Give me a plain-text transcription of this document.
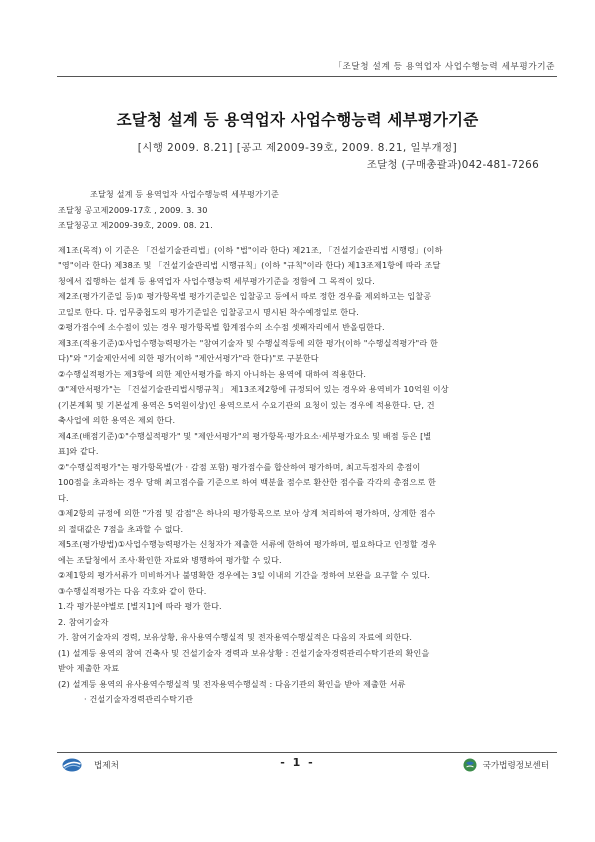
「조달청 설계 등 용역업자 사업수행능력 세부평가기준
조달청 설계 등 용역업자 사업수행능력 세부평가기준
[시행 2009. 8.21] [공고 제2009-39호, 2009. 8.21, 일부개정]
조달청 (구매총괄과)042-481-7266
조달청 설계 등 용역업자 사업수행능력 세부평가기준
조달청 공고제2009-17호 , 2009. 3. 30
조달청공고 제2009-39호, 2009. 08. 21.
제1조(목적) 이 기준은 「건설기술관리법」(이하 "법"이라 한다) 제21조, 「건설기술관리법 시행령」(이하
"영"이라 한다) 제38조 및 「건설기술관리법 시행규칙」(이하 "규칙"이라 한다) 제13조제1항에 따라 조달
청에서 집행하는 설계 등 용역업자 사업수행능력 세부평가기준을 정함에 그 목적이 있다.
제2조(평가기준일 등)① 평가항목별 평가기준일은 입찰공고 등에서 따로 정한 경우를 제외하고는 입찰공
고일로 한다. 다. 업무중첩도의 평가기준일은 입찰공고시 명시된 착수예정일로 한다.
②평가점수에 소수점이 있는 경우 평가항목별 합계점수의 소수점 셋째자리에서 반올림한다.
제3조(적용기준)①사업수행능력평가는 "참여기술자 및 수행실적등에 의한 평가(이하 "수행실적평가"라 한
다)"와 "기술제안서에 의한 평가(이하 "제안서평가"라 한다)"로 구분한다
②수행실적평가는 제3항에 의한 제안서평가를 하지 아니하는 용역에 대하여 적용한다.
③"제안서평가"는 「건설기술관리법시행규칙」 제13조제2항에 규정되어 있는 경우와 용역비가 10억원 이상
(기본계획 및 기본설계 용역은 5억원이상)인 용역으로서 수요기관의 요청이 있는 경우에 적용한다. 단, 건
축사업에 의한 용역은 제외 한다.
제4조(배점기준)①"수행실적평가" 및 "제안서평가"의 평가항목·평가요소·세부평가요소 및 배점 등은 [별
표]와 같다.
②"수행실적평가"는 평가항목별(가 · 감점 포함) 평가점수를 합산하여 평가하며, 최고득점자의 총점이
100점을 초과하는 경우 당해 최고점수를 기준으로 하여 백분율 점수로 환산한 점수를 각각의 총점으로 한
다.
③제2항의 규정에 의한 "가점 및 감점"은 하나의 평가항목으로 보아 상계 처리하여 평가하며, 상계한 점수
의 절대값은 7점을 초과할 수 없다.
제5조(평가방법)①사업수행능력평가는 신청자가 제출한 서류에 한하여 평가하며, 필요하다고 인정할 경우
에는 조달청에서 조사·확인한 자료와 병행하여 평가할 수 있다.
②제1항의 평가서류가 미비하거나 불명확한 경우에는 3일 이내의 기간을 정하여 보완을 요구할 수 있다.
③수행실적평가는 다음 각호와 같이 한다.
1.각 평가분야별로 [별지1]에 따라 평가 한다.
2. 참여기술자
가. 참여기술자의 경력, 보유상황, 유사용역수행실적 및 전자용역수행실적은 다음의 자료에 의한다.
(1) 설계등 용역의 참여 건축사 및 건설기술자 경력과 보유상황 : 건설기술자경력관리수탁기관의 확인을
받아 제출한 자료
(2) 설계등 용역의 유사용역수행실적 및 전자용역수행실적 : 다음기관의 확인을 받아 제출한 서류
· 건설기술자경력관리수탁기관
법제처	- 1 -	국가법령정보센터
